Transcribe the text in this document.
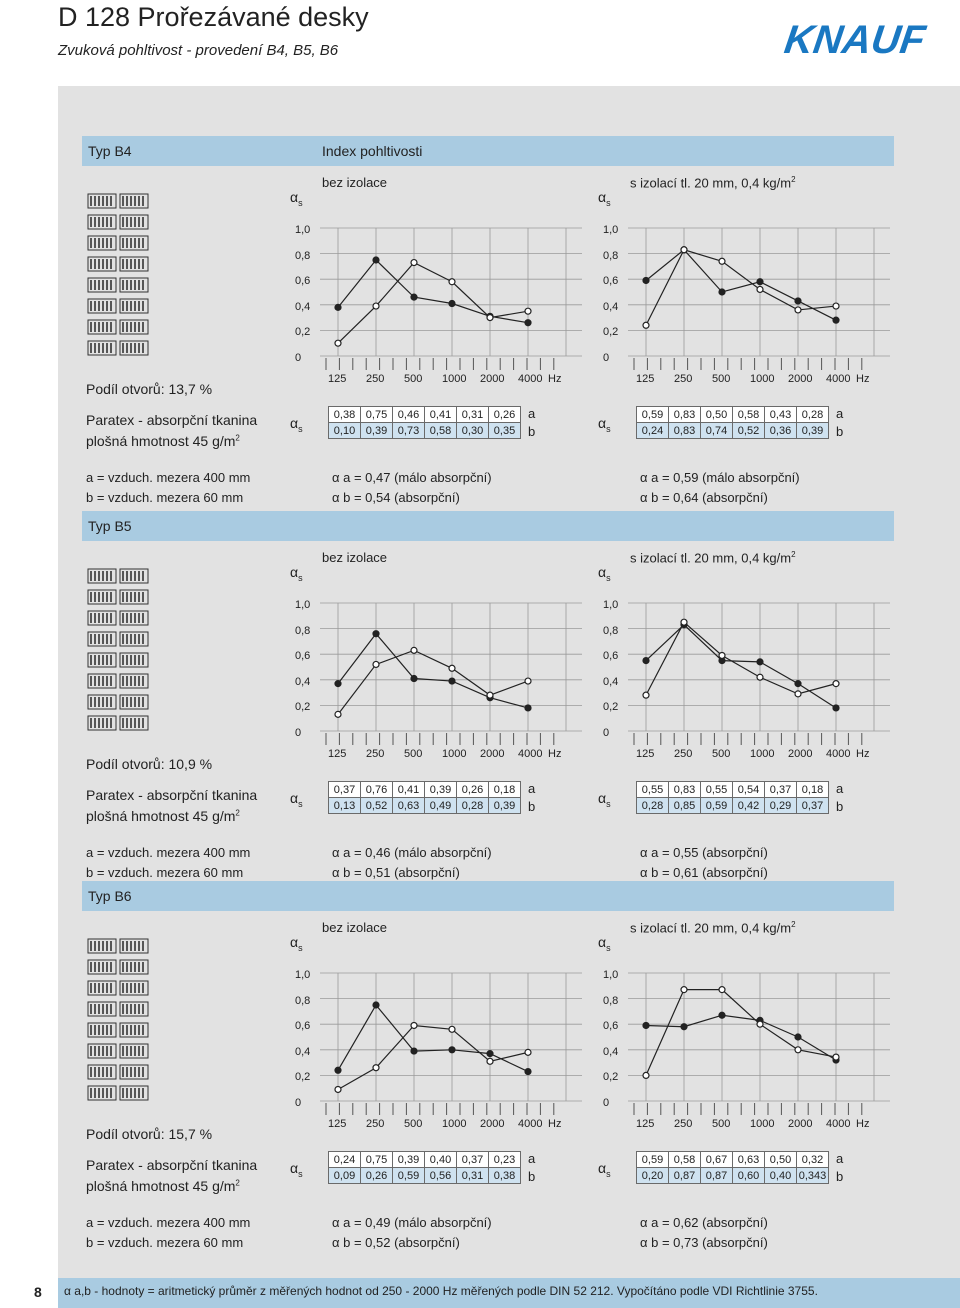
D 128 Prořezávané desky
Zvuková pohltivost - provedení B4, B5, B6	KNAUF
Typ B4	Index pohltivosti
Podíl otvorů: 13,7 %
Paratex - absorpční tkanina
plošná hmotnost 45 $g/m^2$
a = vzduch. mezera 400 mm
b = vzduch. mezera 60 mm
$\alpha_s$
bez izolace
1,0
0,8
0,6
0,4
0,2
0
125 250 500 1000 2000 4000 Hz
$\alpha_s$
0,38	0,75	0,46	0,41	0,31	0,26
0,10	0,39	0,73	0,58	0,30	0,35
a
b
α a = 0,47 (málo absorpční)
α b = 0,54 (absorpční)
$\alpha_s$
s izolací tl. 20 mm, 0,4 $kg/m^2$
1,0
0,8
0,6
0,4
0,2
0
125 250 500 1000 2000 4000 Hz
$\alpha_s$
0,59	0,83	0,50	0,58	0,43	0,28
0,24	0,83	0,74	0,52	0,36	0,39
a
b
α a = 0,59 (málo absorpční)
α b = 0,64 (absorpční)
Typ B5
Podíl otvorů: 10,9 %
Paratex - absorpční tkanina
plošná hmotnost 45 $g/m^2$
a = vzduch. mezera 400 mm
b = vzduch. mezera 60 mm
$\alpha_s$
bez izolace
1,0
0,8
0,6
0,4
0,2
0
125 250 500 1000 2000 4000 Hz
$\alpha_s$
0,37	0,76	0,41	0,39	0,26	0,18
0,13	0,52	0,63	0,49	0,28	0,39
a
b
α a = 0,46 (málo absorpční)
α b = 0,51 (absorpční)
$\alpha_s$
s izolací tl. 20 mm, 0,4 $kg/m^2$
1,0
0,8
0,6
0,4
0,2
0
125 250 500 1000 2000 4000 Hz
$\alpha_s$
0,55	0,83	0,55	0,54	0,37	0,18
0,28	0,85	0,59	0,42	0,29	0,37
a
b
α a = 0,55 (absorpční)
α b = 0,61 (absorpční)
Typ B6
Podíl otvorů: 15,7 %
Paratex - absorpční tkanina
plošná hmotnost 45 $g/m^2$
a = vzduch. mezera 400 mm
b = vzduch. mezera 60 mm
$\alpha_s$
bez izolace
1,0
0,8
0,6
0,4
0,2
0
125 250 500 1000 2000 4000 Hz
$\alpha_s$
0,24	0,75	0,39	0,40	0,37	0,23
0,09	0,26	0,59	0,56	0,31	0,38
a
b
α a = 0,49 (málo absorpční)
α b = 0,52 (absorpční)
$\alpha_s$
s izolací tl. 20 mm, 0,4 $kg/m^2$
1,0
0,8
0,6
0,4
0,2
0
125 250 500 1000 2000 4000 Hz
$\alpha_s$
0,59	0,58	0,67	0,63	0,50	0,32
0,20	0,87	0,87	0,60	0,40	0,343
a
b
α a = 0,62 (absorpční)
α b = 0,73 (absorpční)
8 α a,b - hodnoty = aritmetický průměr z měřených hodnot od 250 - 2000 Hz měřených podle DIN 52 212. Vypočítáno podle VDI Richtlinie 3755.
